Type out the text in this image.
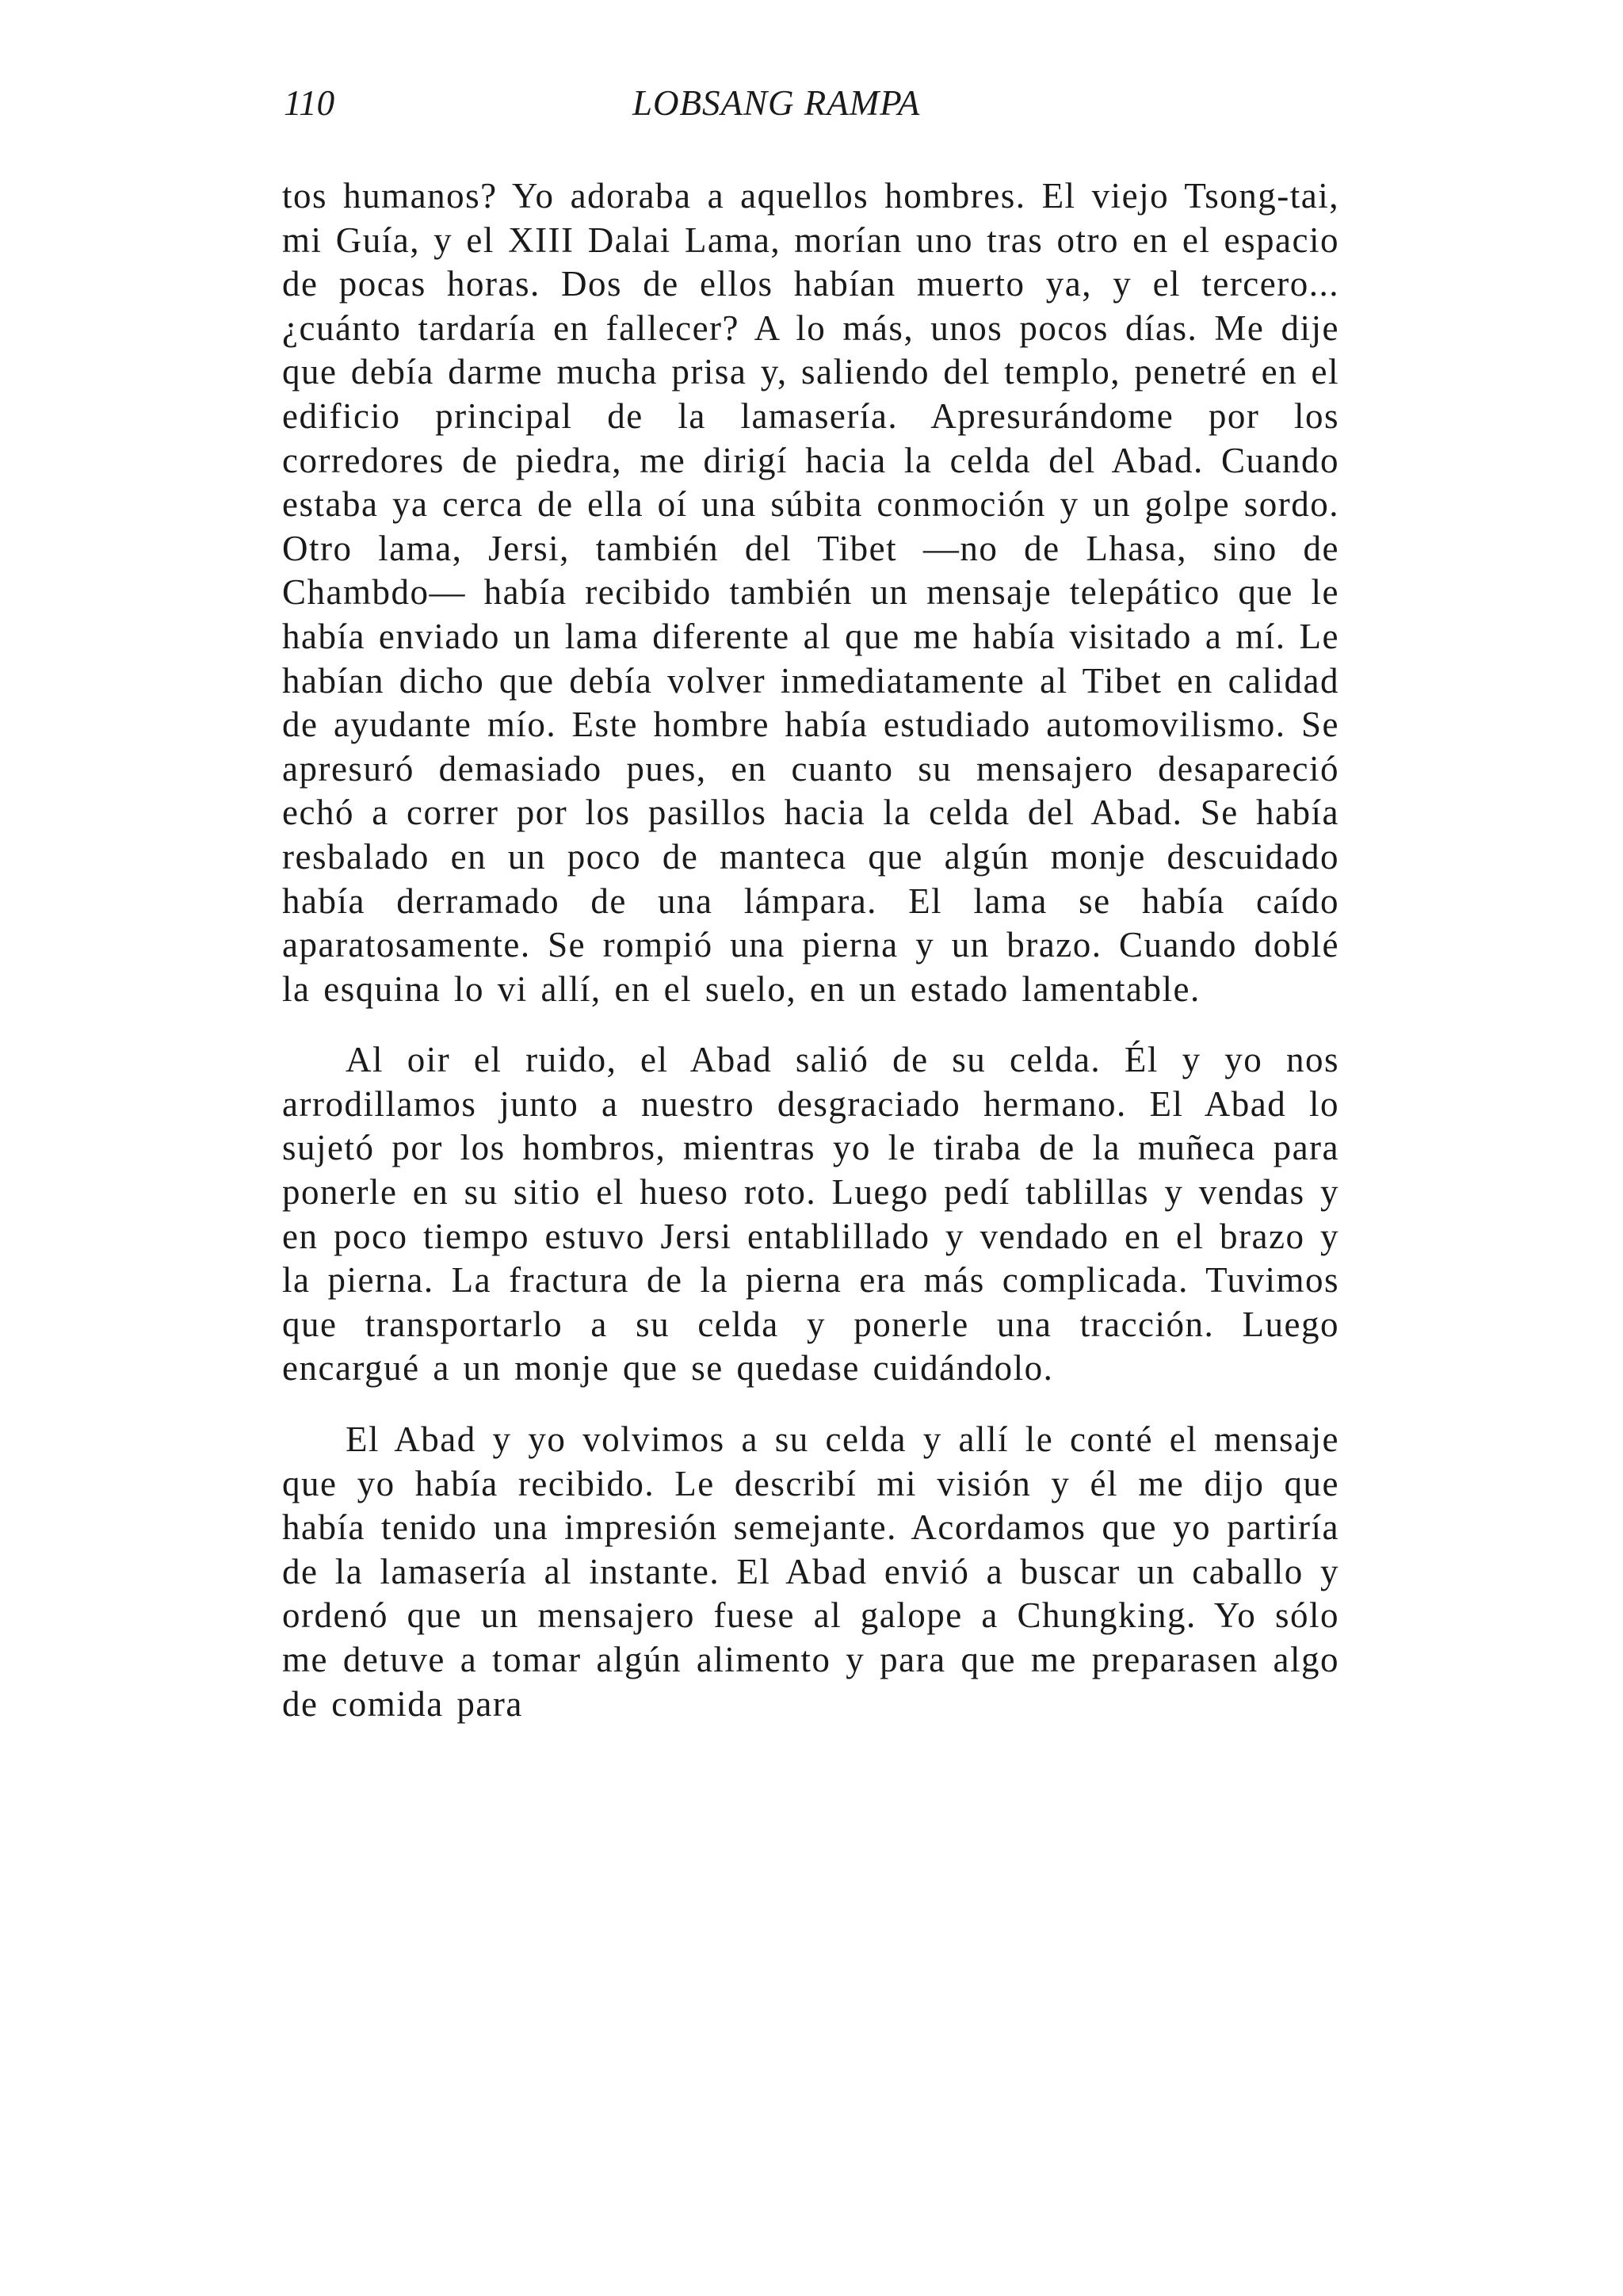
110	LOBSANG RAMPA

tos humanos? Yo adoraba a aquellos hombres. El viejo Tsong-tai, mi Guía, y el XIII Dalai Lama, morían uno tras otro en el espacio de pocas horas. Dos de ellos habían muerto ya, y el tercero... ¿cuánto tardaría en fallecer? A lo más, unos pocos días. Me dije que debía darme mucha prisa y, saliendo del templo, penetré en el edificio principal de la lamasería. Apresurándome por los corredores de piedra, me dirigí hacia la celda del Abad. Cuando estaba ya cerca de ella oí una súbita conmoción y un golpe sordo. Otro lama, Jersi, también del Tibet —no de Lhasa, sino de Chambdo— había recibido también un mensaje telepático que le había enviado un lama diferente al que me había visitado a mí. Le habían dicho que debía volver inmediatamente al Tibet en calidad de ayudante mío. Este hombre había estudiado automovilismo. Se apresuró demasiado pues, en cuanto su mensajero desapareció echó a correr por los pasillos hacia la celda del Abad. Se había resbalado en un poco de manteca que algún monje descuidado había derramado de una lámpara. El lama se había caído aparatosamente. Se rompió una pierna y un brazo. Cuando doblé la esquina lo vi allí, en el suelo, en un estado lamentable.

Al oir el ruido, el Abad salió de su celda. Él y yo nos arrodillamos junto a nuestro desgraciado hermano. El Abad lo sujetó por los hombros, mientras yo le tiraba de la muñeca para ponerle en su sitio el hueso roto. Luego pedí tablillas y vendas y en poco tiempo estuvo Jersi entablillado y vendado en el brazo y la pierna. La fractura de la pierna era más complicada. Tuvimos que transportarlo a su celda y ponerle una tracción. Luego encargué a un monje que se quedase cuidándolo.

El Abad y yo volvimos a su celda y allí le conté el mensaje que yo había recibido. Le describí mi visión y él me dijo que había tenido una impresión semejante. Acordamos que yo partiría de la lamasería al instante. El Abad envió a buscar un caballo y ordenó que un mensajero fuese al galope a Chungking. Yo sólo me detuve a tomar algún alimento y para que me preparasen algo de comida para
